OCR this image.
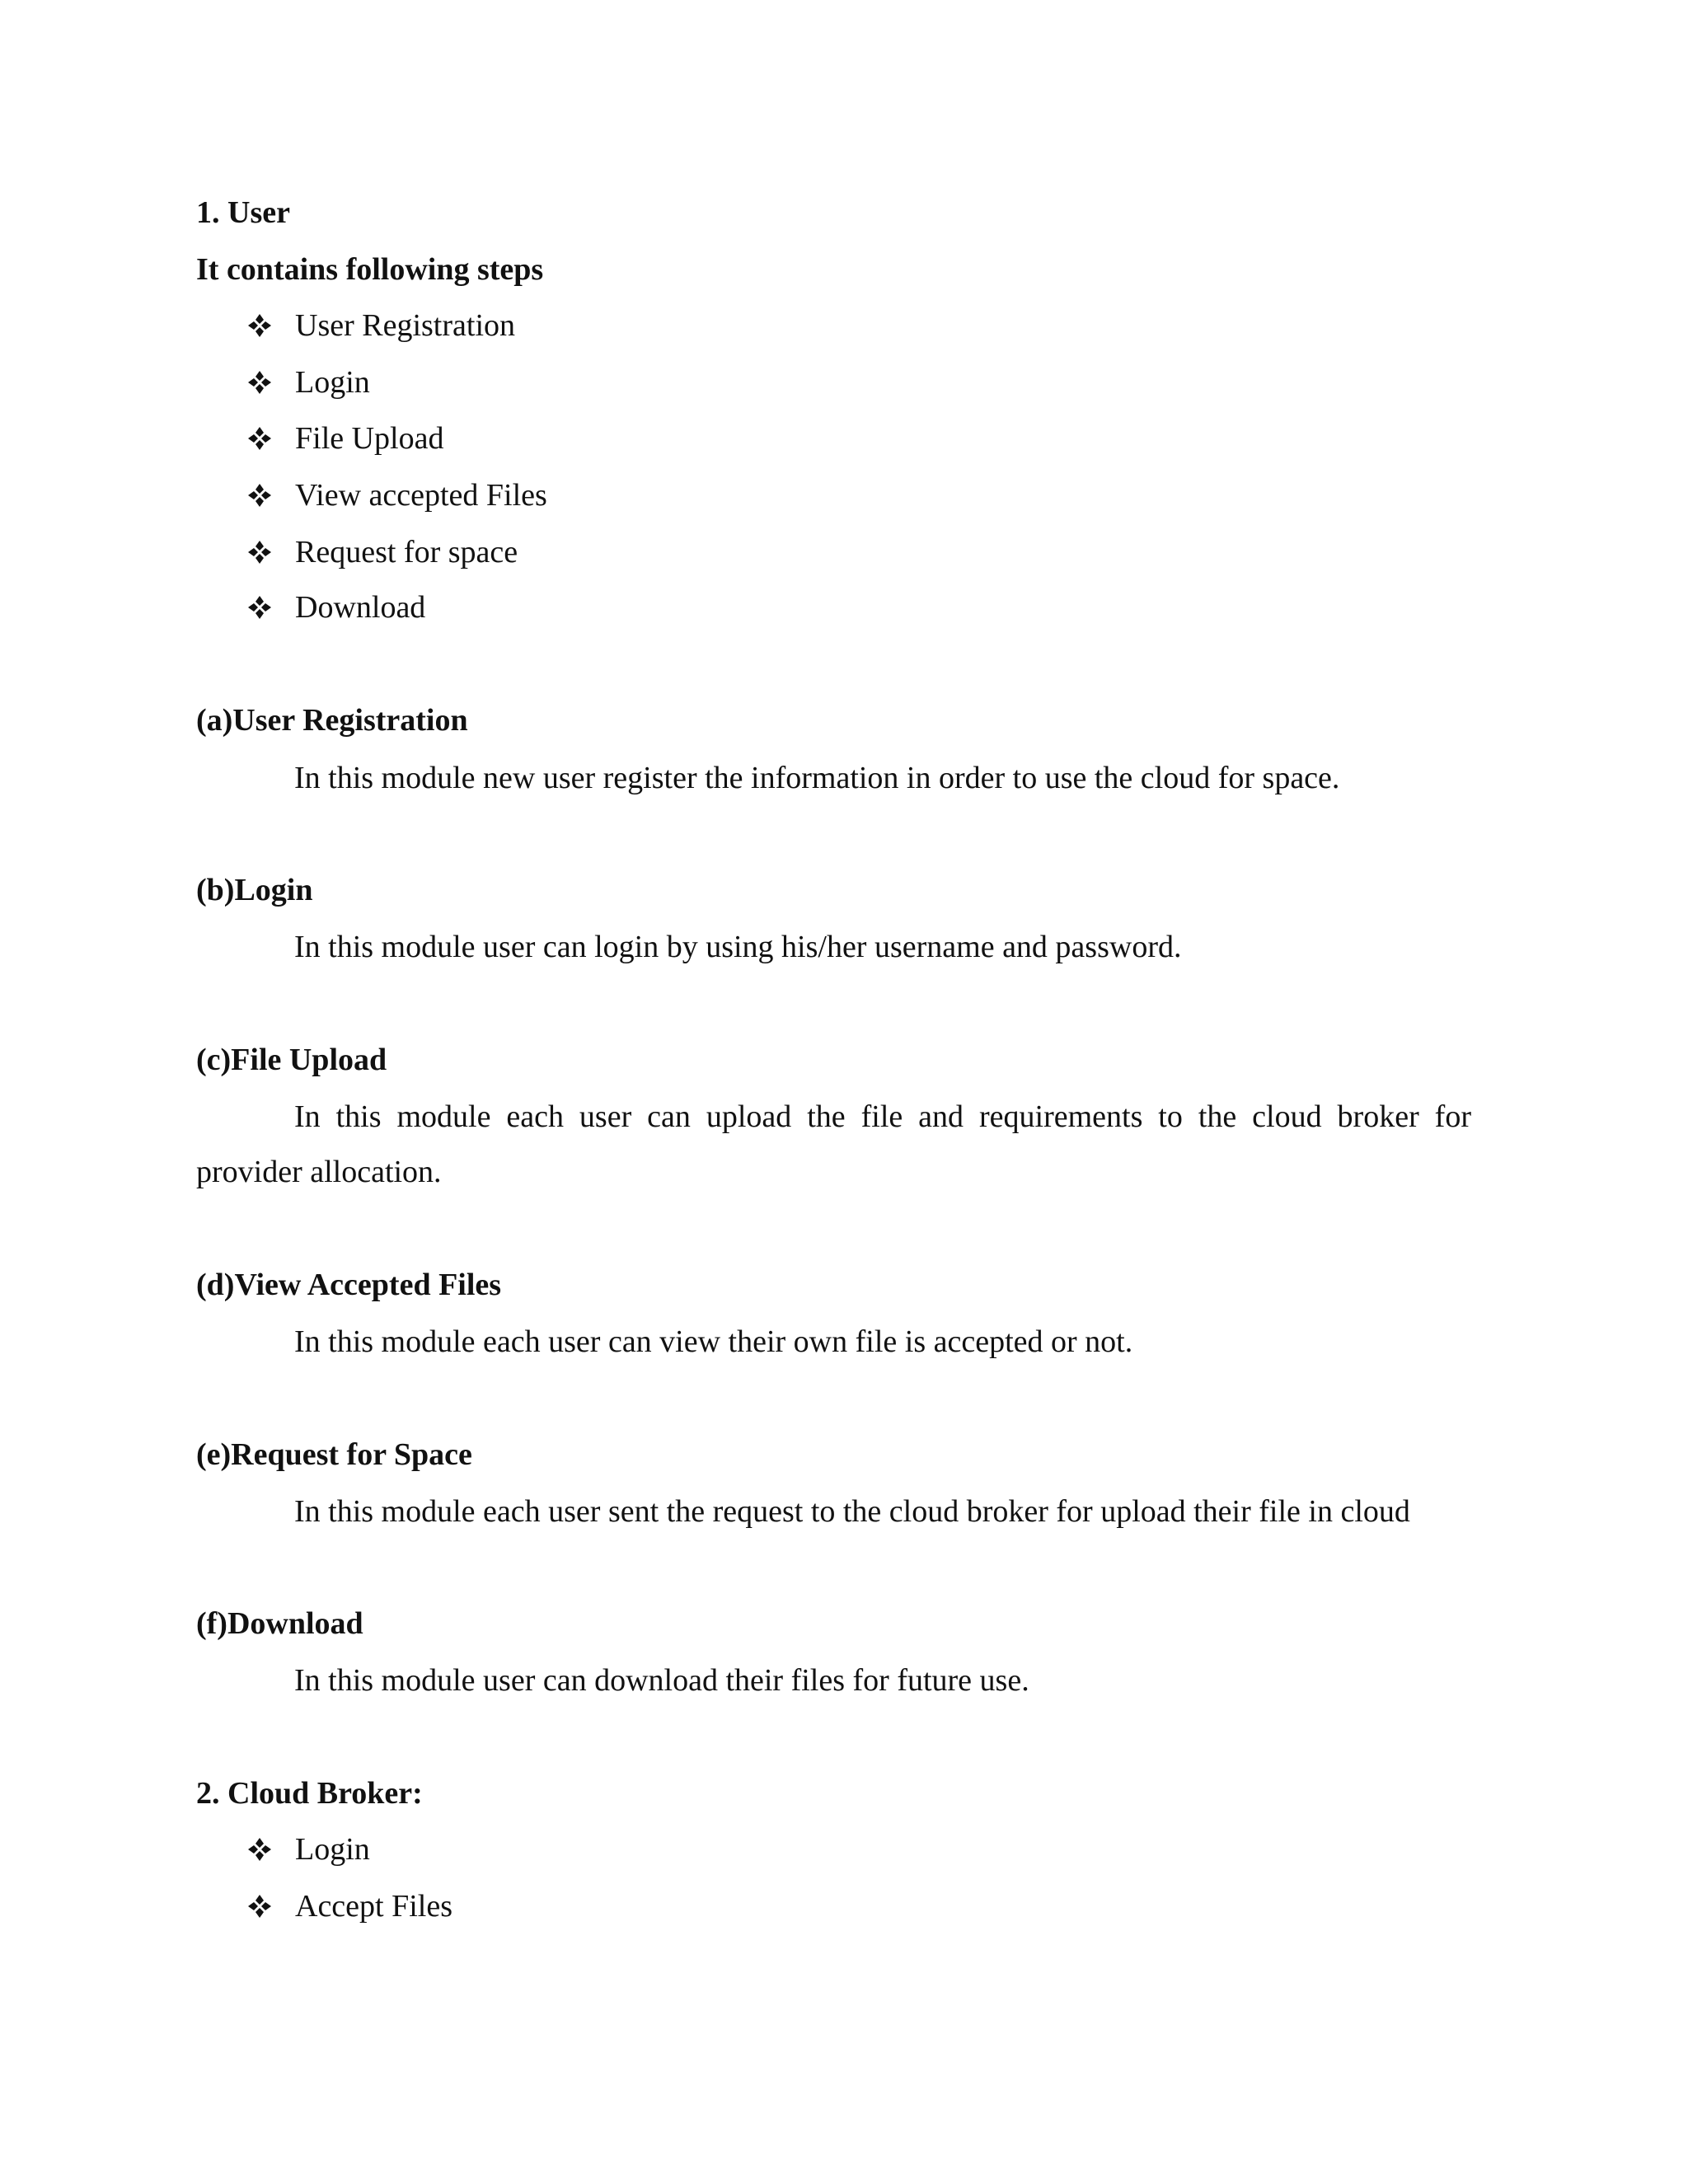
1. User
It contains following steps
User Registration
Login
File Upload
View accepted Files
Request for space
Download
(a)User Registration
In this module new user register the information in order to use the cloud for space.
(b)Login
In this module user can login by using his/her username and password.
(c)File Upload
In this module each user can upload the file and requirements to the cloud broker for
provider allocation.
(d)View Accepted Files
In this module each user can view their own file is accepted or not.
(e)Request for Space
In this module each user sent the request to the cloud broker for upload their file in cloud
(f)Download
In this module user can download their files for future use.
2. Cloud Broker:
Login
Accept Files
